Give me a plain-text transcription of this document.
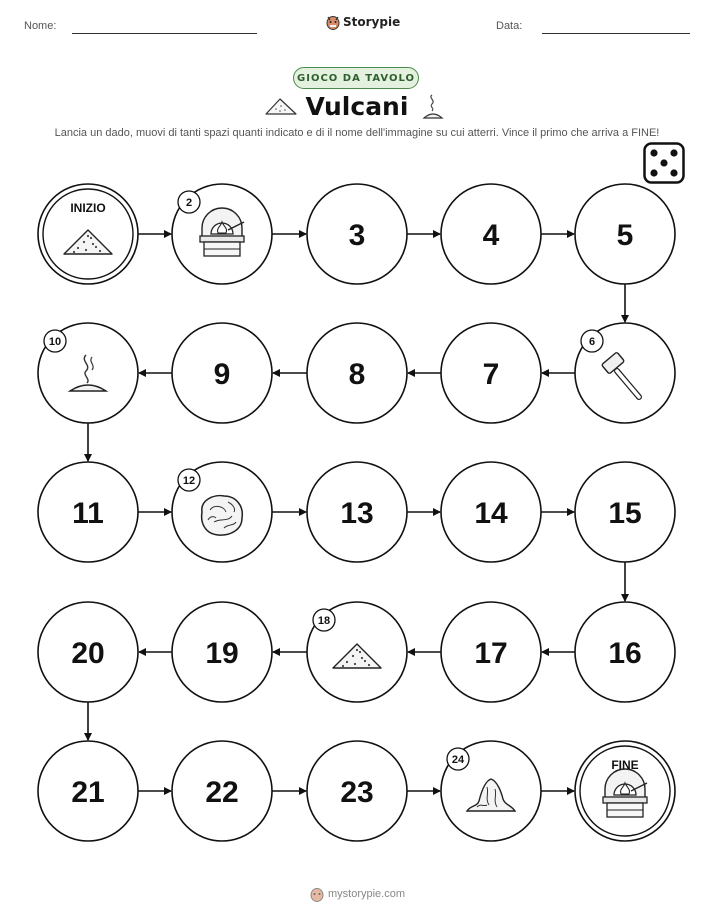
Nome:	Storypie	Data:
GIOCO DA TAVOLO
Vulcani
Lancia un dado, muovi di tanti spazi quanti indicato e di il nome dell'immagine su cui atterri. Vince il primo che arriva a FINE!
INIZIO	2
3	4	5
6
7
8
9
10
11
12
13	14	15
16
17
18
19
20
21	22	23
24	FINE
mystorypie.com
